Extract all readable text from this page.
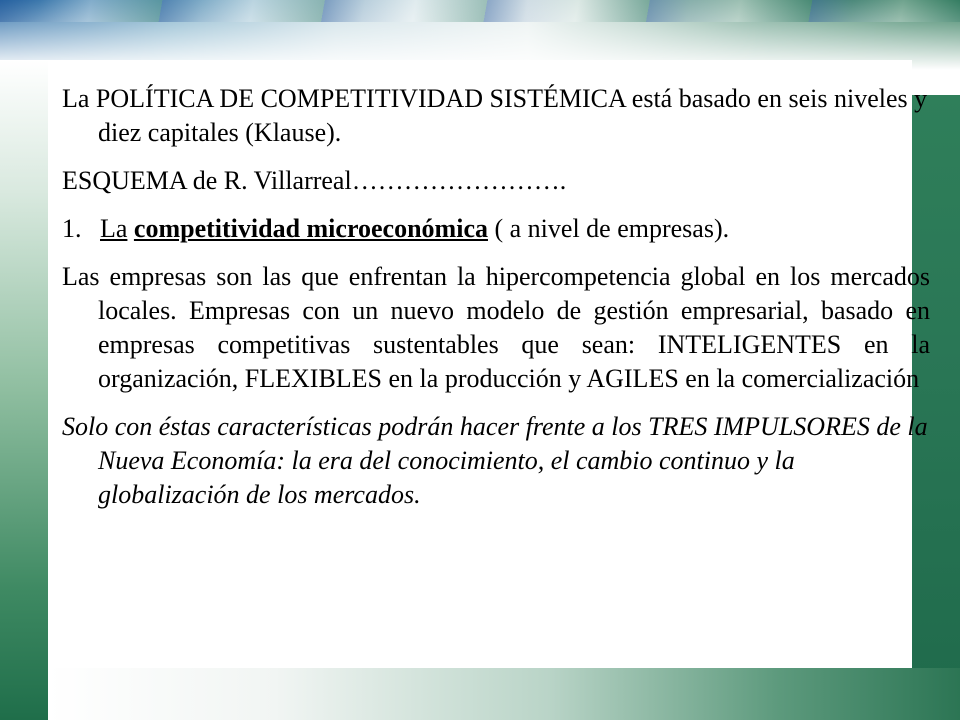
La POLÍTICA DE COMPETITIVIDAD SISTÉMICA está basado en seis niveles y diez capitales (Klause).

ESQUEMA de R. Villarreal…………………….

1. La competitividad microeconómica ( a nivel de empresas).

Las empresas son las que enfrentan la hipercompetencia global en los mercados locales. Empresas con un nuevo modelo de gestión empresarial, basado en empresas competitivas sustentables que sean: INTELIGENTES en la organización, FLEXIBLES en la producción y AGILES en la comercialización

Solo con éstas características podrán hacer frente a los TRES IMPULSORES de la Nueva Economía: la era del conocimiento, el cambio continuo y la globalización de los mercados.
